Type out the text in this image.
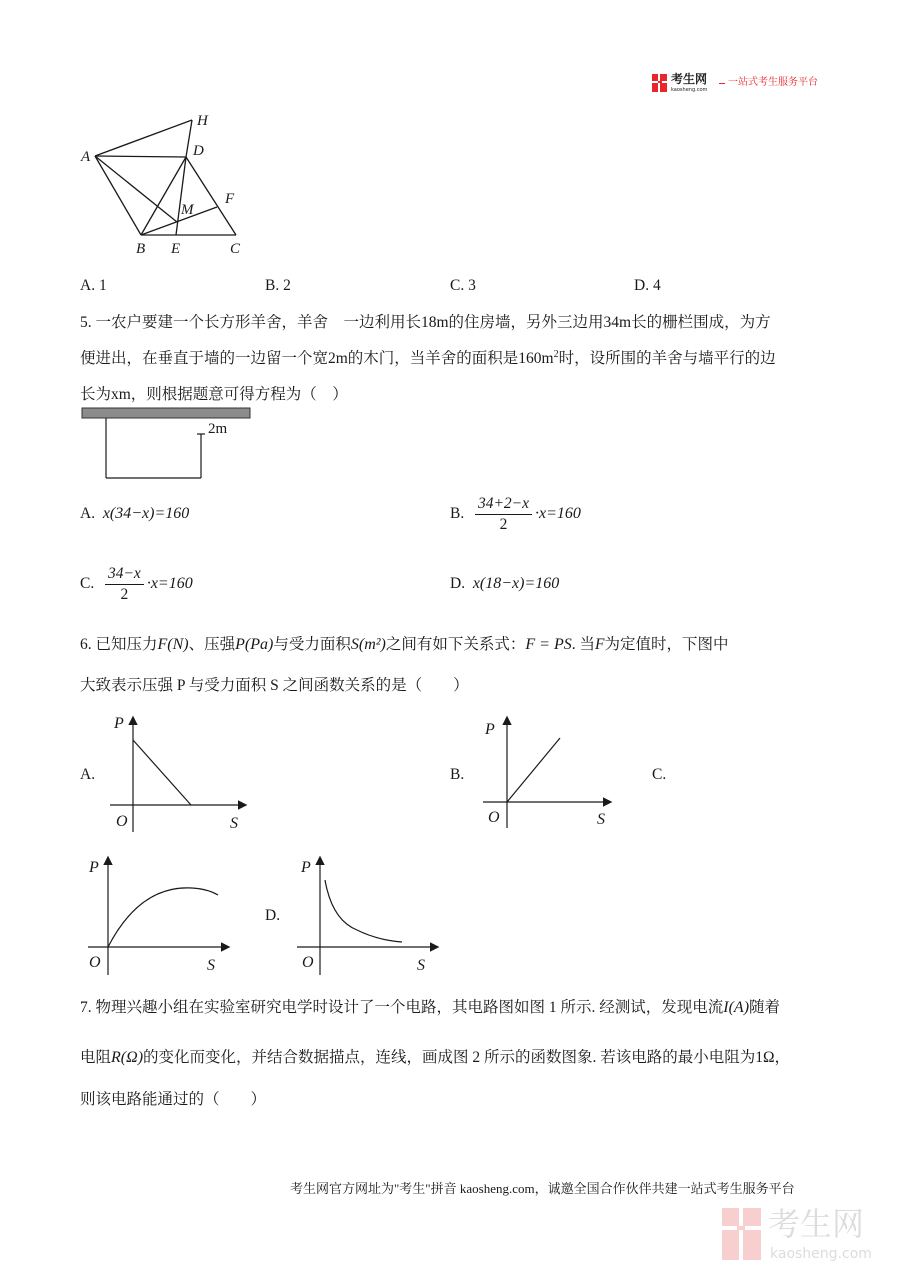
考生网
kaosheng.com
一站式考生服务平台
H
A	D
F
M
B E	C
A. 1	B. 2	C. 3	D. 4
5. 一农户要建一个长方形羊舍，羊舍　一边利用长18m的住房墙，另外三边用34m长的栅栏围成，为方
便进出，在垂直于墙的一边留一个宽2m的木门，当羊舍的面积是$160m^2$时，设所围的羊舍与墙平行的边
长为xm，则根据题意可得方程为（　）
2m
A. x(34−x)=160	B.
$\frac{34+2-x}{2} \cdot x=160$
C.
$\frac{34-x}{2} \cdot x=160$	D. x(18−x)=160
6. 已知压力F(N)、压强P(Pa)与受力面积S(m²)之间有如下关系式：F = PS. 当F为定值时，下图中
大致表示压强 P 与受力面积 S 之间函数关系的是（　　）
A.	B.	C.
D.
P
O	S
P
O	S
P
O	S
P
O	S
7. 物理兴趣小组在实验室研究电学时设计了一个电路，其电路图如图 1 所示. 经测试，发现电流I(A)随着
电阻R(Ω)的变化而变化，并结合数据描点，连线，画成图 2 所示的函数图象. 若该电路的最小电阻为1Ω，
则该电路能通过的（　　）
考生网官方网址为"考生"拼音 kaosheng.com，诚邀全国合作伙伴共建一站式考生服务平台
考生网
kaosheng.com
